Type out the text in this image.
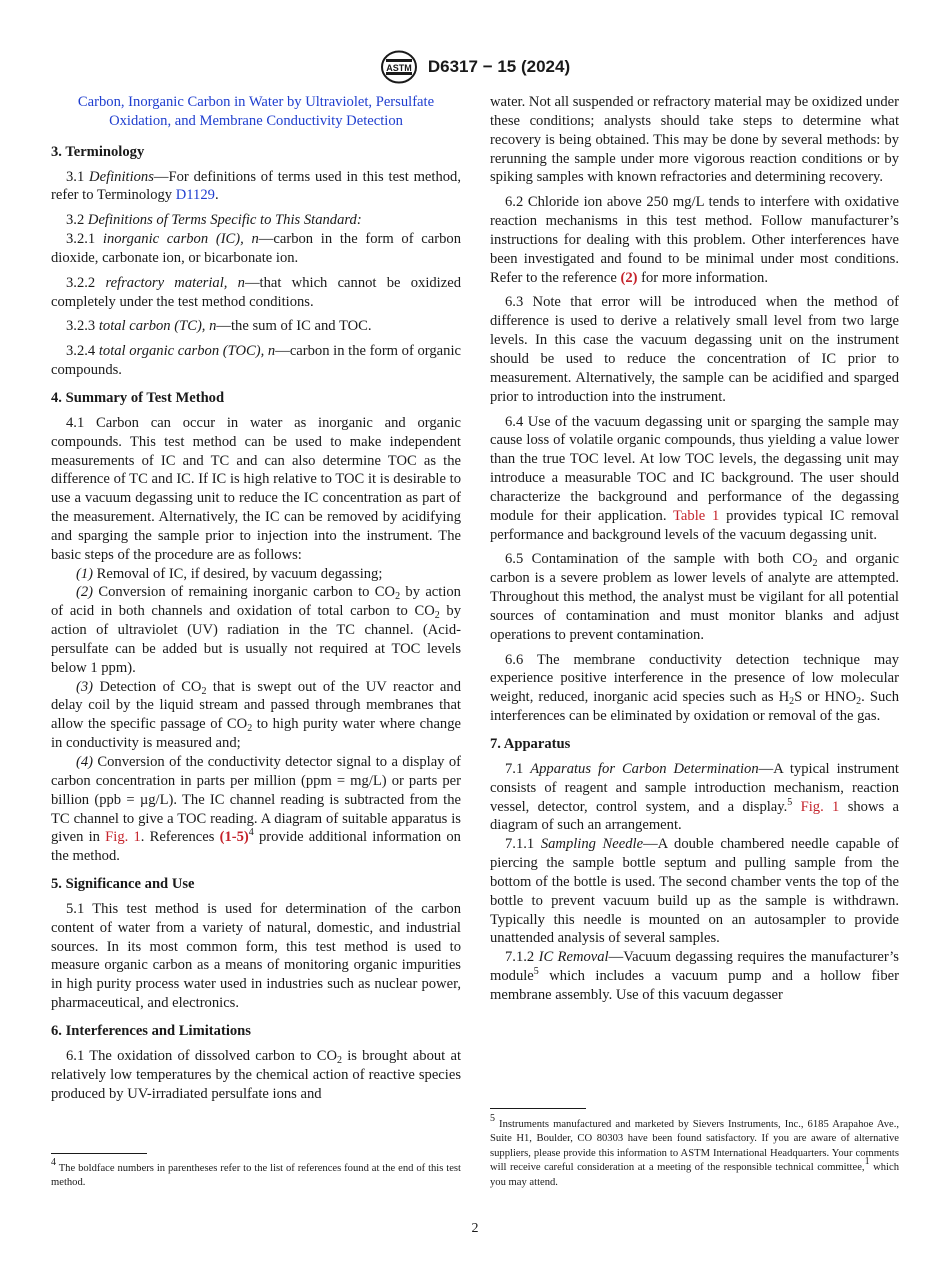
ASTM D6317 − 15 (2024)

Carbon, Inorganic Carbon in Water by Ultraviolet, Persulfate Oxidation, and Membrane Conductivity Detection

3. Terminology

3.1 Definitions—For definitions of terms used in this test method, refer to Terminology D1129.

3.2 Definitions of Terms Specific to This Standard:

3.2.1 inorganic carbon (IC), n—carbon in the form of carbon dioxide, carbonate ion, or bicarbonate ion.

3.2.2 refractory material, n—that which cannot be oxidized completely under the test method conditions.

3.2.3 total carbon (TC), n—the sum of IC and TOC.

3.2.4 total organic carbon (TOC), n—carbon in the form of organic compounds.

4. Summary of Test Method

4.1 Carbon can occur in water as inorganic and organic compounds. This test method can be used to make independent measurements of IC and TC and can also determine TOC as the difference of TC and IC. If IC is high relative to TOC it is desirable to use a vacuum degassing unit to reduce the IC concentration as part of the measurement. Alternatively, the IC can be removed by acidifying and sparging the sample prior to injection into the instrument. The basic steps of the procedure are as follows:

(1) Removal of IC, if desired, by vacuum degassing;

(2) Conversion of remaining inorganic carbon to $CO_2$ by action of acid in both channels and oxidation of total carbon to $CO_2$ by action of ultraviolet (UV) radiation in the TC channel. (Acid-persulfate can be added but is usually not required at TOC levels below 1 ppm).

(3) Detection of $CO_2$ that is swept out of the UV reactor and delay coil by the liquid stream and passed through membranes that allow the specific passage of $CO_2$ to high purity water where change in conductivity is measured and;

(4) Conversion of the conductivity detector signal to a display of carbon concentration in parts per million (ppm = mg/L) or parts per billion (ppb = µg/L). The IC channel reading is subtracted from the TC channel to give a TOC reading. A diagram of suitable apparatus is given in Fig. 1. References $(1-5)^4$ provide additional information on the method.

5. Significance and Use

5.1 This test method is used for determination of the carbon content of water from a variety of natural, domestic, and industrial sources. In its most common form, this test method is used to measure organic carbon as a means of monitoring organic impurities in high purity process water used in industries such as nuclear power, pharmaceutical, and electronics.

6. Interferences and Limitations

6.1 The oxidation of dissolved carbon to $CO_2$ is brought about at relatively low temperatures by the chemical action of reactive species produced by UV-irradiated persulfate ions and

$^4$ The boldface numbers in parentheses refer to the list of references found at the end of this test method.

water. Not all suspended or refractory material may be oxidized under these conditions; analysts should take steps to determine what recovery is being obtained. This may be done by several methods: by rerunning the sample under more vigorous reaction conditions or by spiking samples with known refractories and determining recovery.

6.2 Chloride ion above 250 mg/L tends to interfere with oxidative reaction mechanisms in this test method. Follow manufacturer’s instructions for dealing with this problem. Other interferences have been investigated and found to be minimal under most conditions. Refer to the reference (2) for more information.

6.3 Note that error will be introduced when the method of difference is used to derive a relatively small level from two large levels. In this case the vacuum degassing unit on the instrument should be used to reduce the concentration of IC prior to measurement. Alternatively, the sample can be acidified and sparged prior to introduction into the instrument.

6.4 Use of the vacuum degassing unit or sparging the sample may cause loss of volatile organic compounds, thus yielding a value lower than the true TOC level. At low TOC levels, the degassing unit may introduce a measurable TOC and IC background. The user should characterize the background and performance of the degassing module for their application. Table 1 provides typical IC removal performance and background levels of the vacuum degassing unit.

6.5 Contamination of the sample with both $CO_2$ and organic carbon is a severe problem as lower levels of analyte are attempted. Throughout this method, the analyst must be vigilant for all potential sources of contamination and must monitor blanks and adjust operations to prevent contamination.

6.6 The membrane conductivity detection technique may experience positive interference in the presence of low molecular weight, reduced, inorganic acid species such as $H_2S$ or $HNO_2$. Such interferences can be eliminated by oxidation or removal of the gas.

7. Apparatus

7.1 Apparatus for Carbon Determination—A typical instrument consists of reagent and sample introduction mechanism, reaction vessel, detector, control system, and a display.$^5$ Fig. 1 shows a diagram of such an arrangement.

7.1.1 Sampling Needle—A double chambered needle capable of piercing the sample bottle septum and pulling sample from the bottom of the bottle is used. The second chamber vents the top of the bottle to prevent vacuum build up as the sample is withdrawn. Typically this needle is mounted on an autosampler to provide unattended analysis of several samples.

7.1.2 IC Removal—Vacuum degassing requires the manufacturer’s module$^5$ which includes a vacuum pump and a hollow fiber membrane assembly. Use of this vacuum degasser

$^5$ Instruments manufactured and marketed by Sievers Instruments, Inc., 6185 Arapahoe Ave., Suite H1, Boulder, CO 80303 have been found satisfactory. If you are aware of alternative suppliers, please provide this information to ASTM International Headquarters. Your comments will receive careful consideration at a meeting of the responsible technical committee,$^1$ which you may attend.
2
